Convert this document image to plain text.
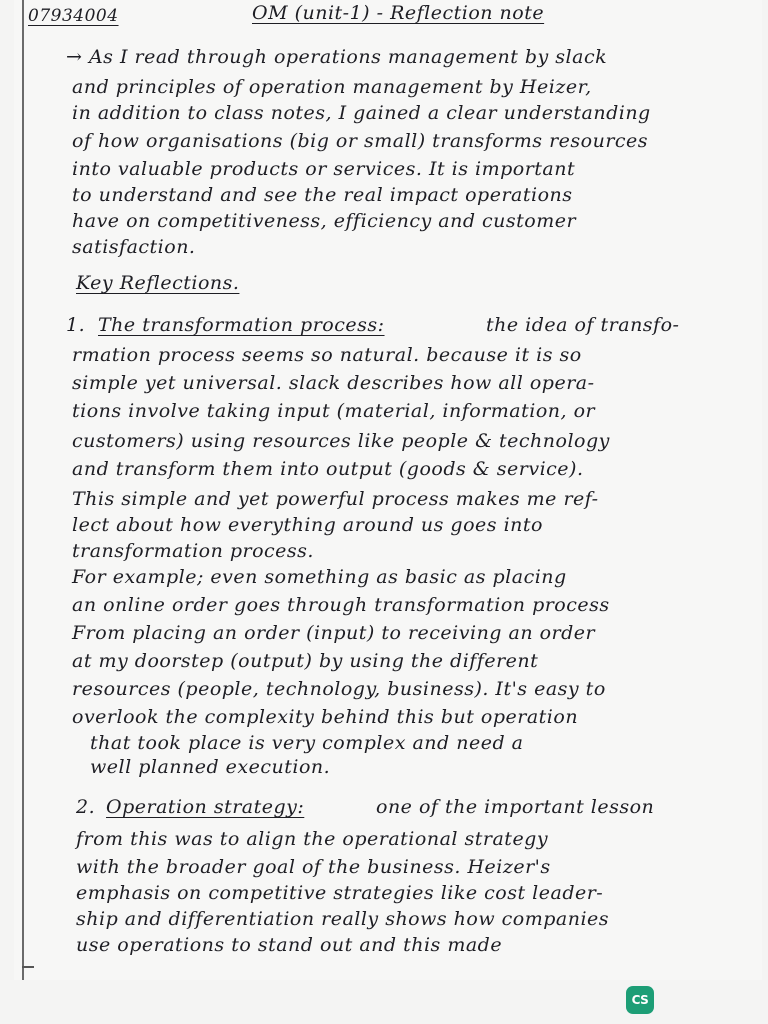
07934004	OM (unit-1) - Reflection note
→ As I read through operations management by slack
and principles of operation management by Heizer,
in addition to class notes, I gained a clear understanding
of how organisations (big or small) transforms resources
into valuable products or services. It is important
to understand and see the real impact operations
have on competitiveness, efficiency and customer
satisfaction.
Key Reflections.
1. The transformation process:	the idea of transfo-
rmation process seems so natural. because it is so
simple yet universal. slack describes how all opera-
tions involve taking input (material, information, or
customers) using resources like people & technology
and transform them into output (goods & service).
This simple and yet powerful process makes me ref-
lect about how everything around us goes into
transformation process.
For example; even something as basic as placing
an online order goes through transformation process
From placing an order (input) to receiving an order
at my doorstep (output) by using the different
resources (people, technology, business). It's easy to
overlook the complexity behind this but operation
that took place is very complex and need a
well planned execution.
2. Operation strategy:	one of the important lesson
from this was to align the operational strategy
with the broader goal of the business. Heizer's
emphasis on competitive strategies like cost leader-
ship and differentiation really shows how companies
use operations to stand out and this made
CS
